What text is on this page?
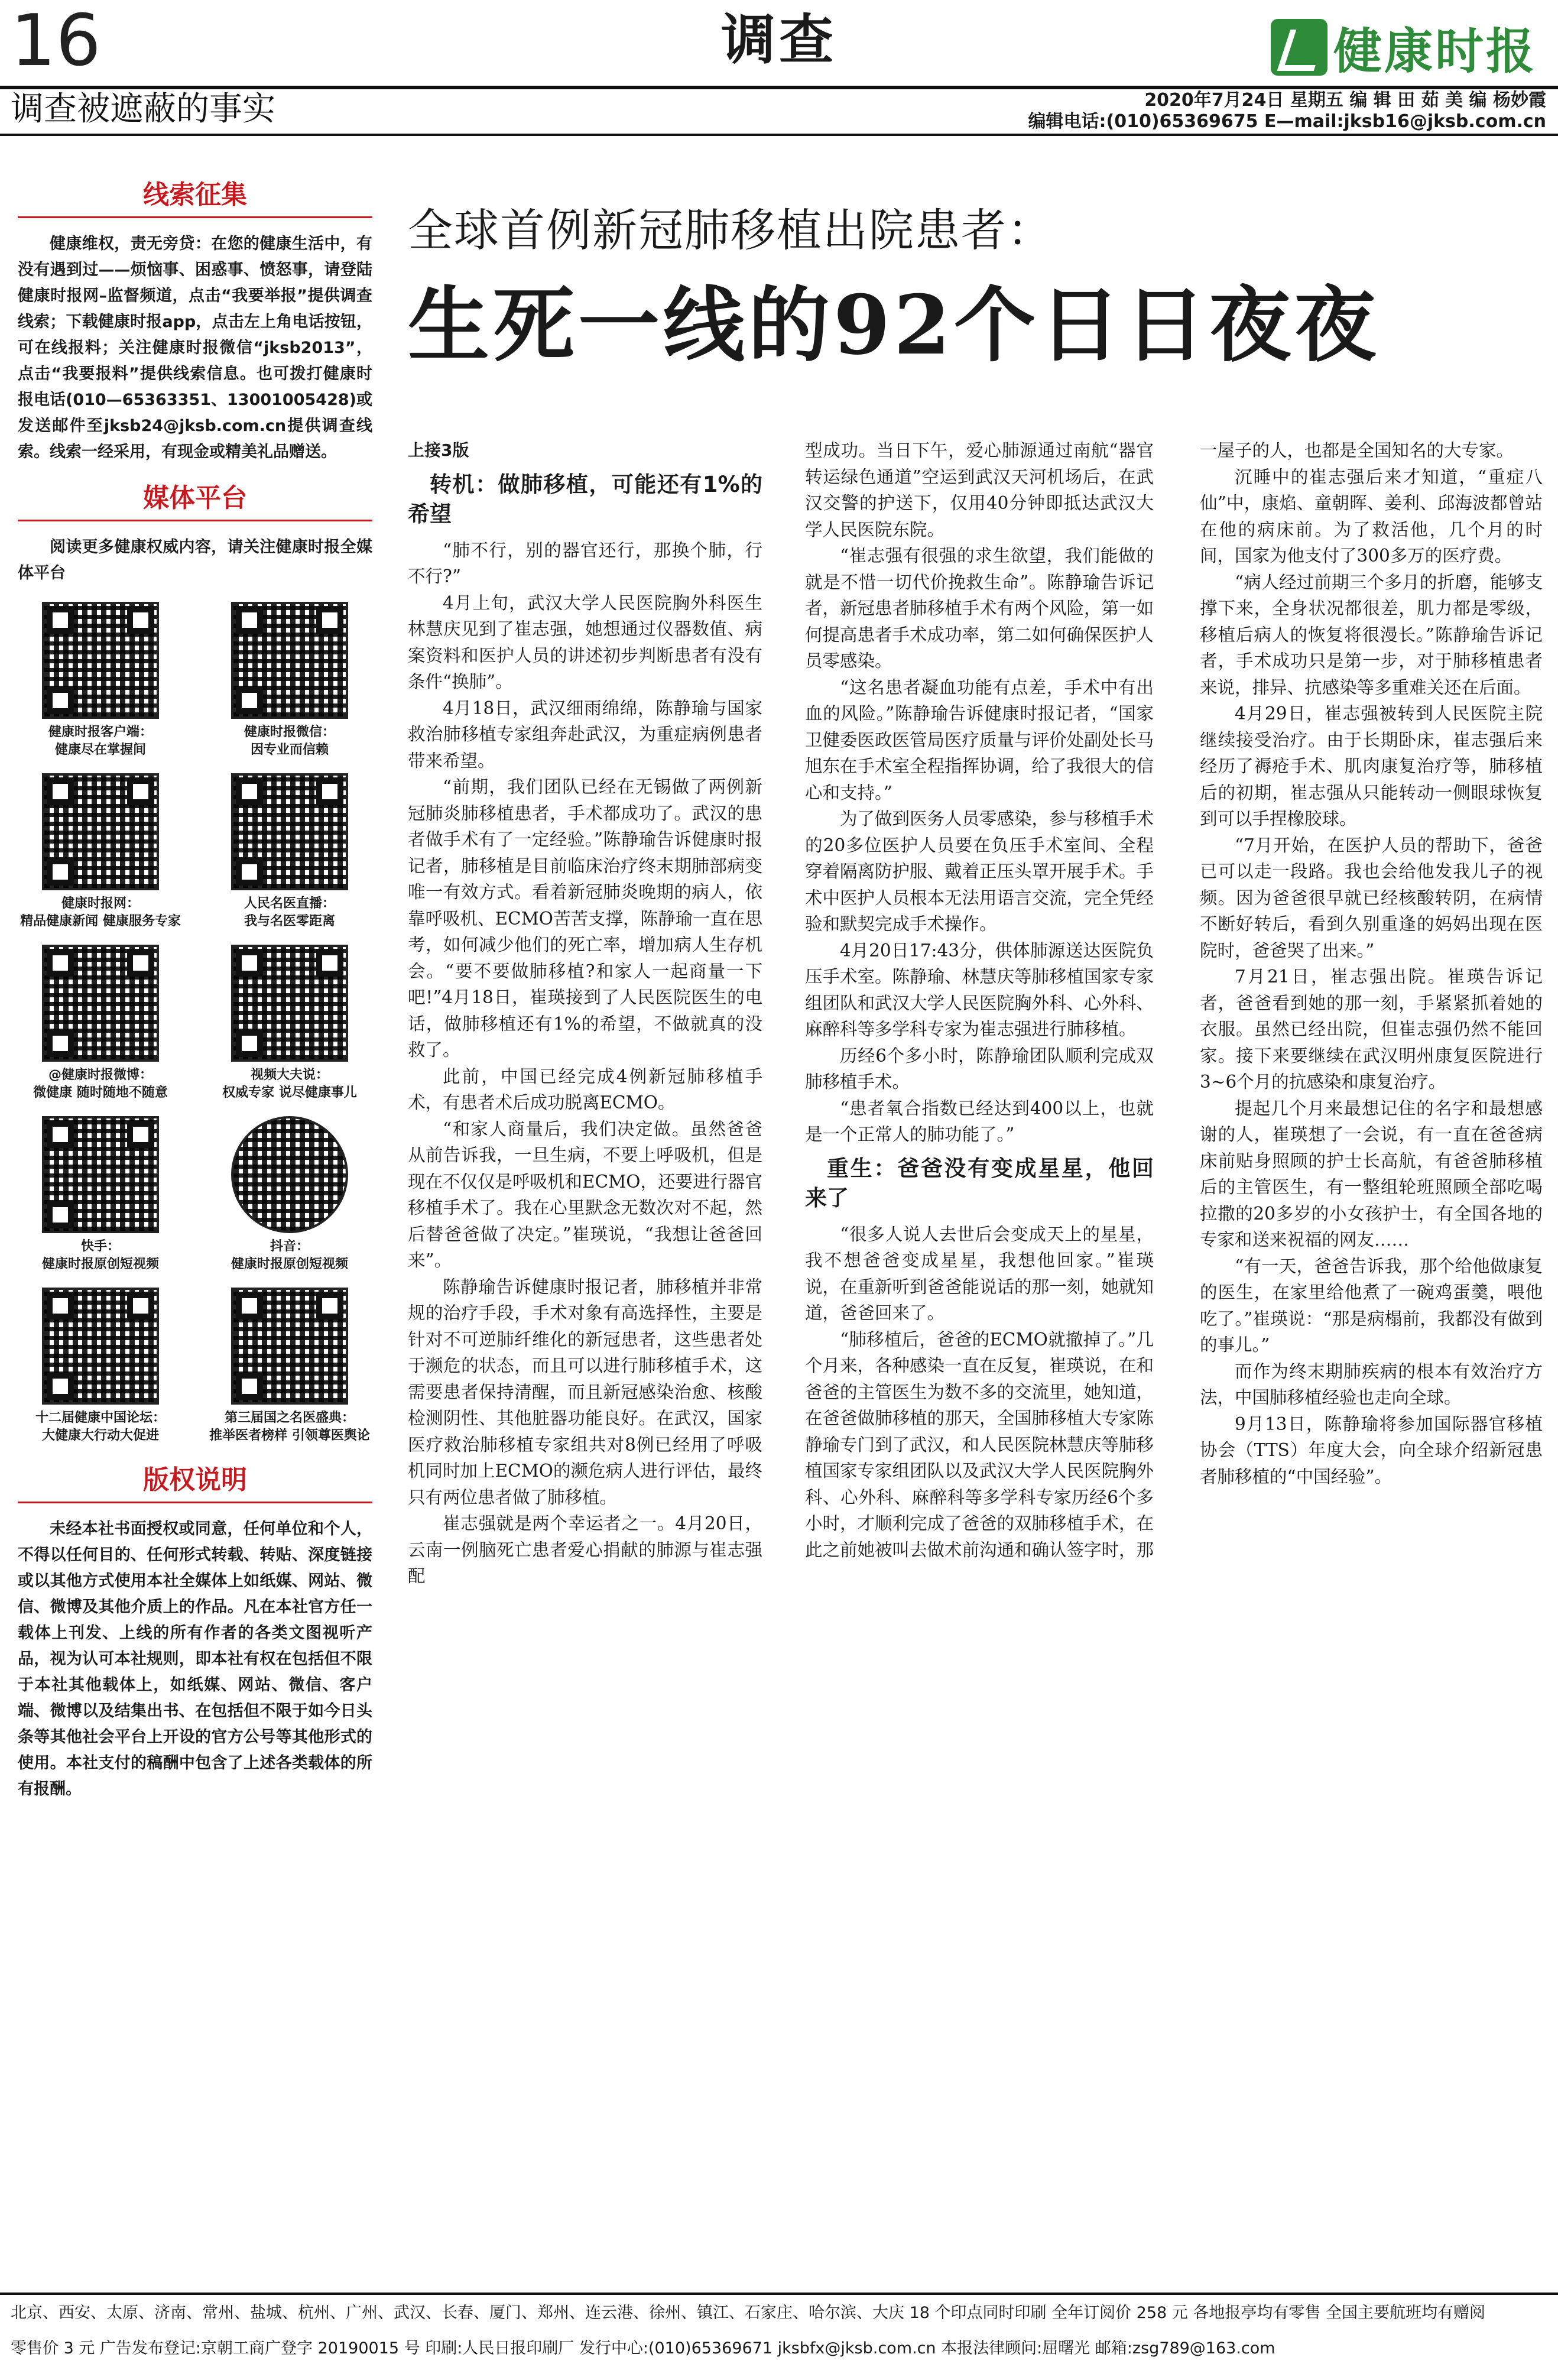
16	调查	健康时报
调查被遮蔽的事实	2020年7月24日 星期五 编 辑 田 茹 美 编 杨妙霞
编辑电话:(010)65369675 E—mail:jksb16@jksb.com.cn

线索征集

健康维权，责无旁贷：在您的健康生活中，有没有遇到过——烦恼事、困惑事、愤怒事，请登陆健康时报网–监督频道，点击“我要举报”提供调查线索；下载健康时报app，点击左上角电话按钮，可在线报料；关注健康时报微信“jksb2013”，点击“我要报料”提供线索信息。也可拨打健康时报电话(010—65363351、13001005428)或发送邮件至jksb24@jksb.com.cn提供调查线索。线索一经采用，有现金或精美礼品赠送。

媒体平台

阅读更多健康权威内容，请关注健康时报全媒体平台

健康时报客户端：
健康尽在掌握间
健康时报微信：
因专业而信赖
健康时报网：
精品健康新闻 健康服务专家
人民名医直播：
我与名医零距离
@健康时报微博：
微健康 随时随地不随意
视频大夫说：
权威专家 说尽健康事儿
快手：
健康时报原创短视频
抖音：
健康时报原创短视频
十二届健康中国论坛：
大健康大行动大促进
第三届国之名医盛典：
推举医者榜样 引领尊医舆论

版权说明

未经本社书面授权或同意，任何单位和个人，不得以任何目的、任何形式转载、转贴、深度链接或以其他方式使用本社全媒体上如纸媒、网站、微信、微博及其他介质上的作品。凡在本社官方任一载体上刊发、上线的所有作者的各类文图视听产品，视为认可本社规则，即本社有权在包括但不限于本社其他载体上，如纸媒、网站、微信、客户端、微博以及结集出书、在包括但不限于如今日头条等其他社会平台上开设的官方公号等其他形式的使用。本社支付的稿酬中包含了上述各类载体的所有报酬。

全球首例新冠肺移植出院患者：
生死一线的92个日日夜夜

上接3版

转机：做肺移植，可能还有1%的希望

“肺不行，别的器官还行，那换个肺，行不行?”

4月上旬，武汉大学人民医院胸外科医生林慧庆见到了崔志强，她想通过仪器数值、病案资料和医护人员的讲述初步判断患者有没有条件“换肺”。

4月18日，武汉细雨绵绵，陈静瑜与国家救治肺移植专家组奔赴武汉，为重症病例患者带来希望。

“前期，我们团队已经在无锡做了两例新冠肺炎肺移植患者，手术都成功了。武汉的患者做手术有了一定经验。”陈静瑜告诉健康时报记者，肺移植是目前临床治疗终末期肺部病变唯一有效方式。看着新冠肺炎晚期的病人，依靠呼吸机、ECMO苦苦支撑，陈静瑜一直在思考，如何减少他们的死亡率，增加病人生存机会。“要不要做肺移植?和家人一起商量一下吧!”4月18日，崔瑛接到了人民医院医生的电话，做肺移植还有1%的希望，不做就真的没救了。

此前，中国已经完成4例新冠肺移植手术，有患者术后成功脱离ECMO。

“和家人商量后，我们决定做。虽然爸爸从前告诉我，一旦生病，不要上呼吸机，但是现在不仅仅是呼吸机和ECMO，还要进行器官移植手术了。我在心里默念无数次对不起，然后替爸爸做了决定。”崔瑛说，“我想让爸爸回来”。

陈静瑜告诉健康时报记者，肺移植并非常规的治疗手段，手术对象有高选择性，主要是针对不可逆肺纤维化的新冠患者，这些患者处于濒危的状态，而且可以进行肺移植手术，这需要患者保持清醒，而且新冠感染治愈、核酸检测阴性、其他脏器功能良好。在武汉，国家医疗救治肺移植专家组共对8例已经用了呼吸机同时加上ECMO的濒危病人进行评估，最终只有两位患者做了肺移植。

崔志强就是两个幸运者之一。4月20日，云南一例脑死亡患者爱心捐献的肺源与崔志强配

型成功。当日下午，爱心肺源通过南航“器官转运绿色通道”空运到武汉天河机场后，在武汉交警的护送下，仅用40分钟即抵达武汉大学人民医院东院。

“崔志强有很强的求生欲望，我们能做的就是不惜一切代价挽救生命”。陈静瑜告诉记者，新冠患者肺移植手术有两个风险，第一如何提高患者手术成功率，第二如何确保医护人员零感染。

“这名患者凝血功能有点差，手术中有出血的风险。”陈静瑜告诉健康时报记者，“国家卫健委医政医管局医疗质量与评价处副处长马旭东在手术室全程指挥协调，给了我很大的信心和支持。”

为了做到医务人员零感染，参与移植手术的20多位医护人员要在负压手术室间、全程穿着隔离防护服、戴着正压头罩开展手术。手术中医护人员根本无法用语言交流，完全凭经验和默契完成手术操作。

4月20日17:43分，供体肺源送达医院负压手术室。陈静瑜、林慧庆等肺移植国家专家组团队和武汉大学人民医院胸外科、心外科、麻醉科等多学科专家为崔志强进行肺移植。

历经6个多小时，陈静瑜团队顺利完成双肺移植手术。

“患者氧合指数已经达到400以上，也就是一个正常人的肺功能了。”

重生：爸爸没有变成星星，他回来了

“很多人说人去世后会变成天上的星星，我不想爸爸变成星星，我想他回家。”崔瑛说，在重新听到爸爸能说话的那一刻，她就知道，爸爸回来了。

“肺移植后，爸爸的ECMO就撤掉了。”几个月来，各种感染一直在反复，崔瑛说，在和爸爸的主管医生为数不多的交流里，她知道，在爸爸做肺移植的那天，全国肺移植大专家陈静瑜专门到了武汉，和人民医院林慧庆等肺移植国家专家组团队以及武汉大学人民医院胸外科、心外科、麻醉科等多学科专家历经6个多小时，才顺利完成了爸爸的双肺移植手术，在此之前她被叫去做术前沟通和确认签字时，那

一屋子的人，也都是全国知名的大专家。

沉睡中的崔志强后来才知道，“重症八仙”中，康焰、童朝晖、姜利、邱海波都曾站在他的病床前。为了救活他，几个月的时间，国家为他支付了300多万的医疗费。

“病人经过前期三个多月的折磨，能够支撑下来，全身状况都很差，肌力都是零级，移植后病人的恢复将很漫长。”陈静瑜告诉记者，手术成功只是第一步，对于肺移植患者来说，排异、抗感染等多重难关还在后面。

4月29日，崔志强被转到人民医院主院继续接受治疗。由于长期卧床，崔志强后来经历了褥疮手术、肌肉康复治疗等，肺移植后的初期，崔志强从只能转动一侧眼球恢复到可以手捏橡胶球。

“7月开始，在医护人员的帮助下，爸爸已可以走一段路。我也会给他发我儿子的视频。因为爸爸很早就已经核酸转阴，在病情不断好转后，看到久别重逢的妈妈出现在医院时，爸爸哭了出来。”

7月21日，崔志强出院。崔瑛告诉记者，爸爸看到她的那一刻，手紧紧抓着她的衣服。虽然已经出院，但崔志强仍然不能回家。接下来要继续在武汉明州康复医院进行3~6个月的抗感染和康复治疗。

提起几个月来最想记住的名字和最想感谢的人，崔瑛想了一会说，有一直在爸爸病床前贴身照顾的护士长高航，有爸爸肺移植后的主管医生，有一整组轮班照顾全部吃喝拉撒的20多岁的小女孩护士，有全国各地的专家和送来祝福的网友……

“有一天，爸爸告诉我，那个给他做康复的医生，在家里给他煮了一碗鸡蛋羹，喂他吃了。”崔瑛说：“那是病榻前，我都没有做到的事儿。”

而作为终末期肺疾病的根本有效治疗方法，中国肺移植经验也走向全球。

9月13日，陈静瑜将参加国际器官移植协会（TTS）年度大会，向全球介绍新冠患者肺移植的“中国经验”。

北京、西安、太原、济南、常州、盐城、杭州、广州、武汉、长春、厦门、郑州、连云港、徐州、镇江、石家庄、哈尔滨、大庆 18 个印点同时印刷 全年订阅价 258 元 各地报亭均有零售 全国主要航班均有赠阅
零售价 3 元 广告发布登记:京朝工商广登字 20190015 号 印刷:人民日报印刷厂 发行中心:(010)65369671 jksbfx@jksb.com.cn 本报法律顾问:屈曙光 邮箱:zsg789@163.com
